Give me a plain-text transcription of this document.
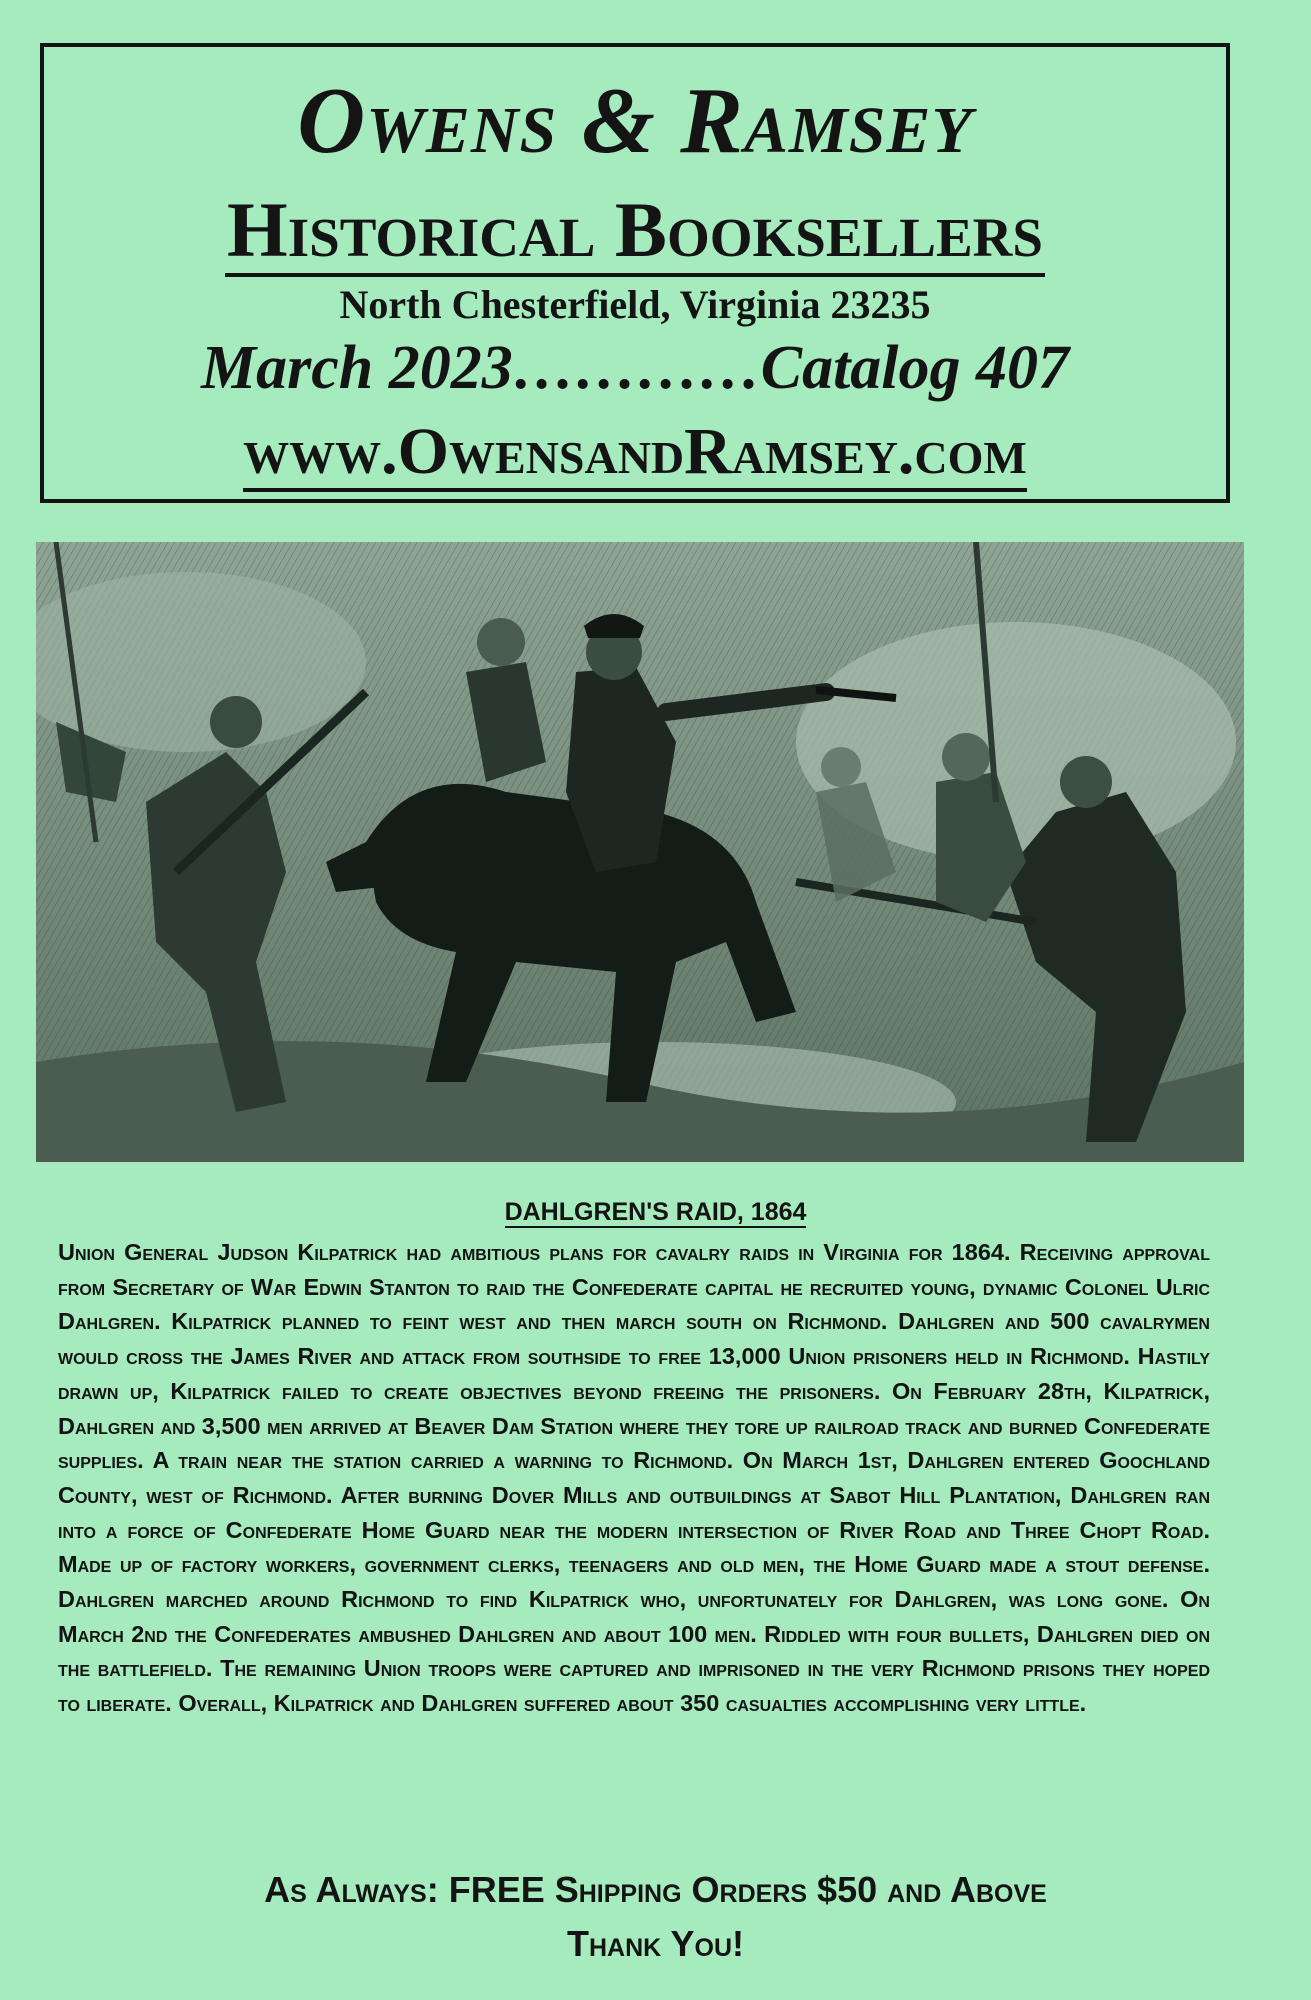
Owens & Ramsey
Historical Booksellers
North Chesterfield, Virginia 23235
March 2023…………Catalog 407
www.OwensandRamsey.com
DAHLGREN'S RAID, 1864

Union General Judson Kilpatrick had ambitious plans for cavalry raids in Virginia for 1864. Receiving approval from Secretary of War Edwin Stanton to raid the Confederate capital he recruited young, dynamic Colonel Ulric Dahlgren. Kilpatrick planned to feint west and then march south on Richmond. Dahlgren and 500 cavalrymen would cross the James River and attack from southside to free 13,000 Union prisoners held in Richmond. Hastily drawn up, Kilpatrick failed to create objectives beyond freeing the prisoners. On February 28th, Kilpatrick, Dahlgren and 3,500 men arrived at Beaver Dam Station where they tore up railroad track and burned Confederate supplies. A train near the station carried a warning to Richmond. On March 1st, Dahlgren entered Goochland County, west of Richmond. After burning Dover Mills and outbuildings at Sabot Hill Plantation, Dahlgren ran into a force of Confederate Home Guard near the modern intersection of River Road and Three Chopt Road. Made up of factory workers, government clerks, teenagers and old men, the Home Guard made a stout defense. Dahlgren marched around Richmond to find Kilpatrick who, unfortunately for Dahlgren, was long gone. On March 2nd the Confederates ambushed Dahlgren and about 100 men. Riddled with four bullets, Dahlgren died on the battlefield. The remaining Union troops were captured and imprisoned in the very Richmond prisons they hoped to liberate. Overall, Kilpatrick and Dahlgren suffered about 350 casualties accomplishing very little.

As Always: FREE Shipping Orders $50 and Above
Thank You!
